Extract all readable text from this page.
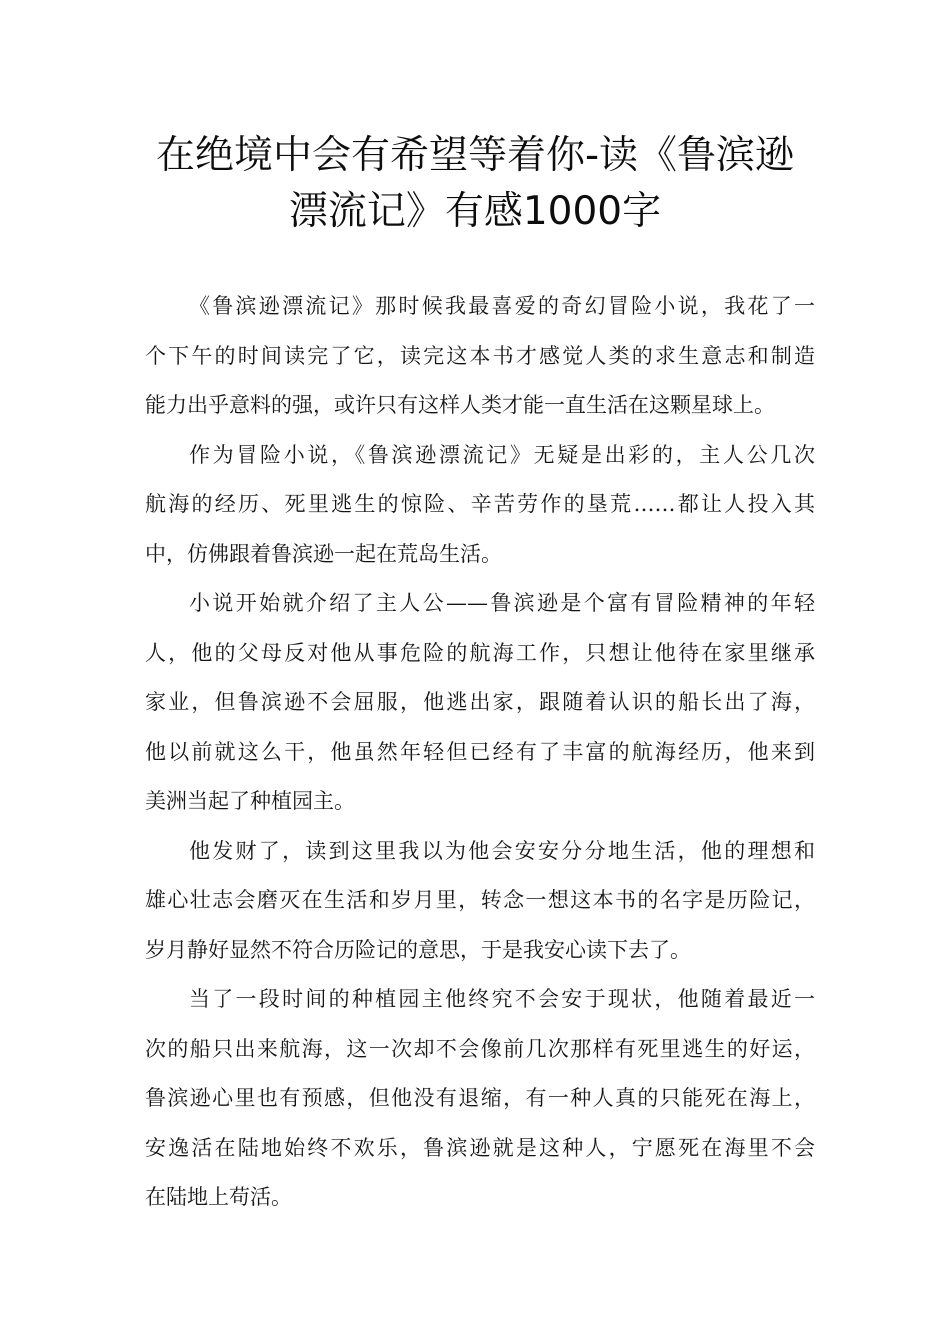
在绝境中会有希望等着你-读《鲁滨逊
漂流记》有感1000字

《鲁滨逊漂流记》那时候我最喜爱的奇幻冒险小说，我花了一
个下午的时间读完了它，读完这本书才感觉人类的求生意志和制造
能力出乎意料的强，或许只有这样人类才能一直生活在这颗星球上。

作为冒险小说，《鲁滨逊漂流记》无疑是出彩的，主人公几次
航海的经历、死里逃生的惊险、辛苦劳作的垦荒……都让人投入其
中，仿佛跟着鲁滨逊一起在荒岛生活。

小说开始就介绍了主人公——鲁滨逊是个富有冒险精神的年轻
人，他的父母反对他从事危险的航海工作，只想让他待在家里继承
家业，但鲁滨逊不会屈服，他逃出家，跟随着认识的船长出了海，
他以前就这么干，他虽然年轻但已经有了丰富的航海经历，他来到
美洲当起了种植园主。

他发财了，读到这里我以为他会安安分分地生活，他的理想和
雄心壮志会磨灭在生活和岁月里，转念一想这本书的名字是历险记，
岁月静好显然不符合历险记的意思，于是我安心读下去了。

当了一段时间的种植园主他终究不会安于现状，他随着最近一
次的船只出来航海，这一次却不会像前几次那样有死里逃生的好运，
鲁滨逊心里也有预感，但他没有退缩，有一种人真的只能死在海上，
安逸活在陆地始终不欢乐，鲁滨逊就是这种人，宁愿死在海里不会
在陆地上苟活。
